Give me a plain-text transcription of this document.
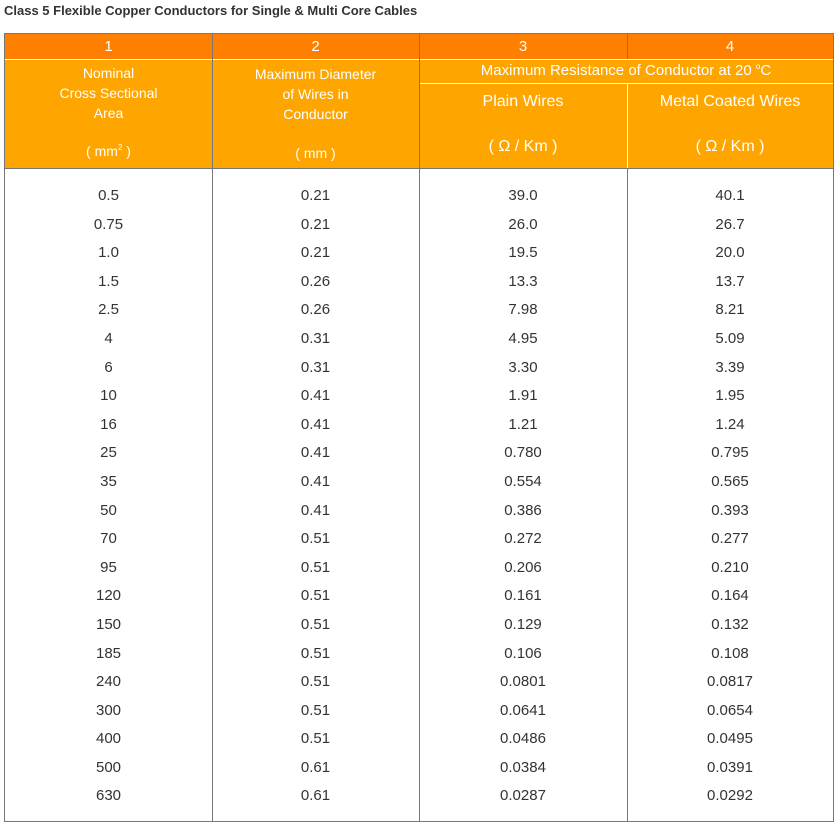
Class 5 Flexible Copper Conductors for Single & Multi Core Cables
1	2	3	4
Nominal
Cross Sectional
Area
( $mm^2$ )
Maximum Diameter
of Wires in
Conductor
( mm )
Maximum Resistance of Conductor at 20 $^o$C
Plain Wires
( Ω / Km )
Metal Coated Wires
( Ω / Km )
0.5	0.21	39.0	40.1
0.75	0.21	26.0	26.7
1.0	0.21	19.5	20.0
1.5	0.26	13.3	13.7
2.5	0.26	7.98	8.21
4	0.31	4.95	5.09
6	0.31	3.30	3.39
10	0.41	1.91	1.95
16	0.41	1.21	1.24
25	0.41	0.780	0.795
35	0.41	0.554	0.565
50	0.41	0.386	0.393
70	0.51	0.272	0.277
95	0.51	0.206	0.210
120	0.51	0.161	0.164
150	0.51	0.129	0.132
185	0.51	0.106	0.108
240	0.51	0.0801	0.0817
300	0.51	0.0641	0.0654
400	0.51	0.0486	0.0495
500	0.61	0.0384	0.0391
630	0.61	0.0287	0.0292
